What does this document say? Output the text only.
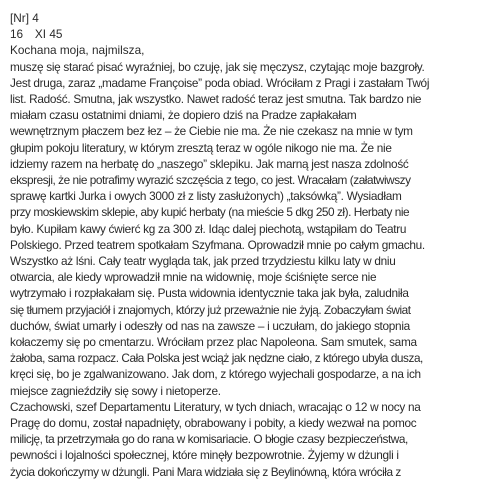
[Nr] 4
16 XI 45
Kochana moja, najmilsza,
muszę się starać pisać wyraźniej, bo czuję, jak się męczysz, czytając moje bazgroły.
Jest druga, zaraz „madame Françoise” poda obiad. Wróciłam z Pragi i zastałam Twój
list. Radość. Smutna, jak wszystko. Nawet radość teraz jest smutna. Tak bardzo nie
miałam czasu ostatnimi dniami, że dopiero dziś na Pradze zapłakałam
wewnętrznym płaczem bez łez – że Ciebie nie ma. Że nie czekasz na mnie w tym
głupim pokoju literatury, w którym zresztą teraz w ogóle nikogo nie ma. Że nie
idziemy razem na herbatę do „naszego” sklepiku. Jak marną jest nasza zdolność
ekspresji, że nie potrafimy wyrazić szczęścia z tego, co jest. Wracałam (załatwiwszy
sprawę kartki Jurka i owych 3000 zł z listy zasłużonych) „taksówką”. Wysiadłam
przy moskiewskim sklepie, aby kupić herbaty (na mieście 5 dkg 250 zł). Herbaty nie
było. Kupiłam kawy ćwierć kg za 300 zł. Idąc dalej piechotą, wstąpiłam do Teatru
Polskiego. Przed teatrem spotkałam Szyfmana. Oprowadził mnie po całym gmachu.
Wszystko aż lśni. Cały teatr wygląda tak, jak przed trzydziestu kilku laty w dniu
otwarcia, ale kiedy wprowadził mnie na widownię, moje ściśnięte serce nie
wytrzymało i rozpłakałam się. Pusta widownia identycznie taka jak była, zaludniła
się tłumem przyjaciół i znajomych, którzy już przeważnie nie żyją. Zobaczyłam świat
duchów, świat umarły i odeszły od nas na zawsze – i uczułam, do jakiego stopnia
kołaczemy się po cmentarzu. Wróciłam przez plac Napoleona. Sam smutek, sama
żałoba, sama rozpacz. Cała Polska jest wciąż jak nędzne ciało, z którego ubyła dusza,
kręci się, bo je zgalwanizowano. Jak dom, z którego wyjechali gospodarze, a na ich
miejsce zagnieździły się sowy i nietoperze.
Czachowski, szef Departamentu Literatury, w tych dniach, wracając o 12 w nocy na
Pragę do domu, został napadnięty, obrabowany i pobity, a kiedy wezwał na pomoc
milicję, ta przetrzymała go do rana w komisariacie. O błogie czasy bezpieczeństwa,
pewności i lojalności społecznej, które minęły bezpowrotnie. Żyjemy w dżungli i
życia dokończymy w dżungli. Pani Mara widziała się z Beylinówną, która wróciła z
